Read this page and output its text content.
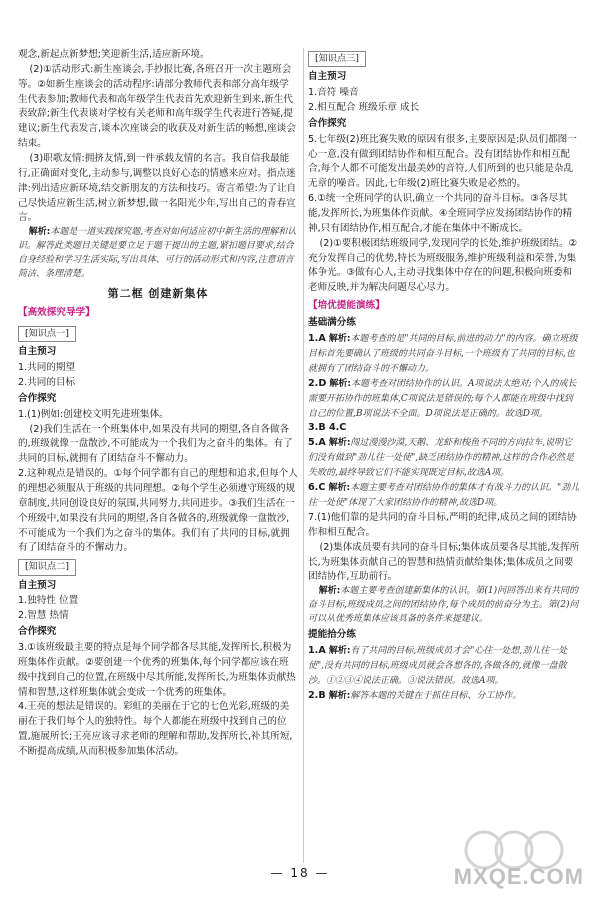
观念,新起点新梦想;笑迎新生活,适应新环境。

(2)①活动形式:新生座谈会,手抄报比赛,各班召开一次主题班会等。②如新生座谈会的活动程序:请部分教师代表和部分高年级学生代表参加;教师代表和高年级学生代表首先欢迎新生到来,新生代表致辞;新生代表谈对学校有关老师和高年级学生代表进行答疑,提建议;新生代表发言,谈本次座谈会的收获及对新生活的畅想,座谈会结束。

(3)职歌友情:拥挤友情,到一件承载友情的名言。我自信我最能行,正确面对变化,主动参与,调整以良好心态的情感来应对。指点迷津:列出适应新环境,结交新朋友的方法和技巧。寄言希望:为了让自己尽快适应新生活,树立新梦想,做一名阳光少年,写出自己的青春宣言。

解析:本题是一道实践探究题,考查对如何适应初中新生活的理解和认识。解答此类题目关键是要立足于题干提出的主题,紧扣题目要求,结合自身经验和学习生活实际,写出具体、可行的活动形式和内容,注意语言简洁、条理清楚。

第二框 创建新集体
【高效探究导学】
[知识点一]
自主预习
1.共同的期望
2.共同的目标
合作探究

1.(1)例如:创建校文明先进班集体。

(2)我们生活在一个班集体中,如果没有共同的期望,各自各做各的,班级就像一盘散沙,不可能成为一个我们为之奋斗的集体。有了共同的目标,就拥有了团结奋斗不懈动力。

2.这种观点是错误的。①每个同学都有自己的理想和追求,但每个人的理想必须服从于班级的共同理想。②每个学生必须遵守班级的规章制度,共同创设良好的氛围,共同努力,共同进步。③我们生活在一个班级中,如果没有共同的期望,各自各做各的,班级就像一盘散沙,不可能成为一个我们为之奋斗的集体。我们有了共同的目标,就拥有了团结奋斗的不懈动力。

[知识点二]
自主预习
1.独特性 位置
2.智慧 热情
合作探究

3.①该班级最主要的特点是每个同学都各尽其能,发挥所长,积极为班集体作贡献。②要创建一个优秀的班集体,每个同学都应该在班级中找到自己的位置,在班级中尽其所能,发挥所长,为班集体贡献热情和智慧,这样班集体就会变成一个优秀的班集体。

4.王亮的想法是错误的。彩虹的美丽在于它的七色光彩,班级的美丽在于我们每个人的独特性。每个人都能在班级中找到自己的位置,施展所长;王亮应该寻求老师的理解和帮助,发挥所长,补其所短,不断提高成绩,从而积极参加集体活动。

[知识点三]
自主预习
1.音符 噪音
2.相互配合 班级乐章 成长
合作探究

5.七年级(2)班比赛失败的原因有很多,主要原因是:队员们都图一心一意,没有做到团结协作和相互配合。没有团结协作和相互配合,每个人都不可能发出最美妙的音符,人们所到的也只能是杂乱无章的噪音。因此,七年级(2)班比赛失败是必然的。

6.①统一全班同学的认识,确立一个共同的奋斗目标。③各尽其能,发挥所长,为班集体作贡献。④全班同学应发扬团结协作的精神,只有团结协作,相互配合,才能在集体中不断成长。

(2)①要积极团结班级同学,发现同学的长处,维护班级团结。②充分发挥自己的优势,特长为班级服务,维护班级利益和荣誉,为集体争光。③做有心人,主动寻找集体中存在的问题,积极向班委和老师反映,并为解决问题尽心尽力。

【培优提能演练】
基础满分练

1.A 解析:本题考查的是"共同的目标,前进的动力"的内容。确立班级目标首先要确认了班级的共同奋斗目标,一个班级有了共同的目标,也就拥有了团结奋斗的不懈动力。

2.D 解析:本题考查对团结协作的认识。A项说法太绝对;个人的成长需要开拓协作的班集体,C项说法是错误的;每个人都能在班级中找到自己的位置,B项说法不全面。D项说法是正确的。故选D项。

3.B 4.C

5.A 解析:闯过漫漫沙漠,天鹅、龙虾和梭鱼不同的方向拉车,说明它们没有做到"劲儿往一处使",缺乏团结协作的精神,这样的合作必然是失败的,最终导致它们不能实现既定目标,故选A项。

6.C 解析:本题主要考查对团结协作的集体才有战斗力的认识。"劲儿往一处使"体现了大家团结协作的精神,故选D项。

7.(1)他们靠的是共同的奋斗目标,严明的纪律,成员之间的团结协作和相互配合。

(2)集体成员要有共同的奋斗目标;集体成员要各尽其能,发挥所长,为班集体贡献自己的智慧和热情贡献给集体;集体成员之间要团结协作,互助前行。

解析:本题主要考查创建新集体的认识。第(1)问回答出来有共同的奋斗目标,班级成员之间的团结协作,每个成员的前奋分为主。第(2)问可以从优秀班集体应该具备的条件来提建议。

提能拾分练

1.A 解析:有了共同的目标,班级成员才会"心往一处想,劲儿往一处使",没有共同的目标,班级成员就会各想各的,各做各的,就像一盘散沙。①②③④说法正确。③说法错误。故选A项。

2.B 解析:解答本题的关键在于抓住目标、分工协作。

— 18 —	MXQE.COM
